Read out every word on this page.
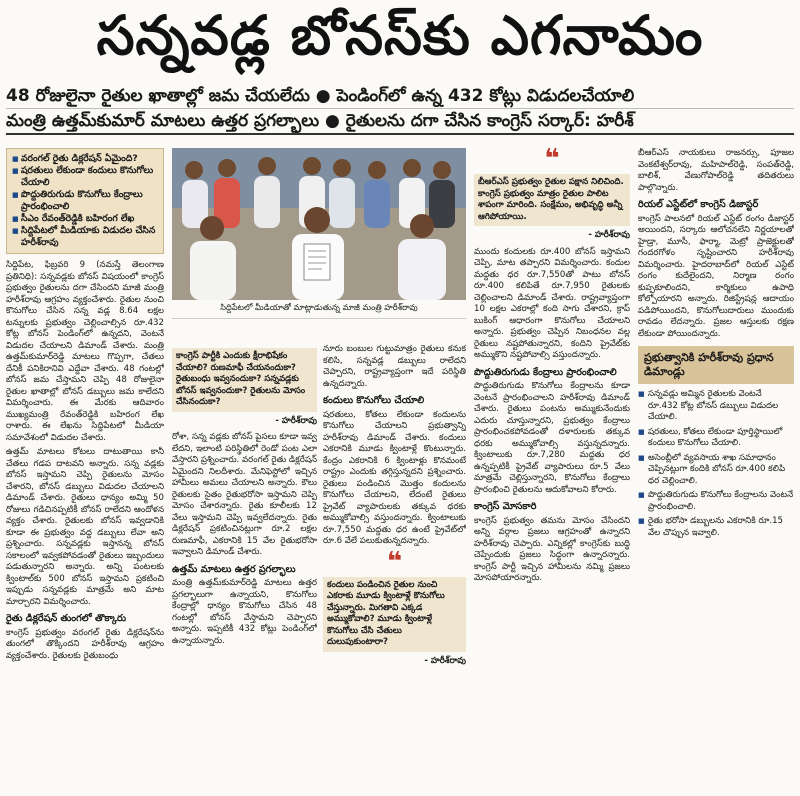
సన్నవడ్ల బోనస్‌కు ఎగనామం
48 రోజులైనా రైతుల ఖాతాల్లో జమ చేయలేదు ● పెండింగ్‌లో ఉన్న 432 కోట్లు విడుదలచేయాలి
మంత్రి ఉత్తమ్‌కుమార్ మాటలు ఉత్తర ప్రగల్భాలు ● రైతులను దగా చేసిన కాంగ్రెస్ సర్కార్: హరీశ్
■ వరంగల్ రైతు డిక్లరేషన్ ఏమైంది?
■ షరతులు లేకుండా కందులు కొనుగోలు చేయాలి
■ పొద్దుతిరుగుడు కొనుగోలు కేంద్రాలు ప్రారంభించాలి
■ సీఎం రేవంత్‌రెడ్డికి బహిరంగ లేఖ
■ సిద్దిపేటలో మీడియాకు విడుదల చేసిన హరీశ్‌రావు

సిద్దిపేట, ఫిబ్రవరి 9 (నమస్తే తెలంగాణ ప్రతినిధి): సన్నవడ్లకు బోనస్ విషయంలో కాంగ్రెస్ ప్రభుత్వం రైతులను దగా చేసిందని మాజీ మంత్రి హరీశ్‌రావు ఆగ్రహం వ్యక్తంచేశారు. రైతుల నుంచి కొనుగోలు చేసిన సన్న వడ్ల 8.64 లక్షల టన్నులకు ప్రభుత్వం చెల్లించాల్సిన రూ.432 కోట్ల బోనస్ పెండింగ్‌లో ఉన్నదని, వెంటనే విడుదల చేయాలని డిమాండ్ చేశారు. మంత్రి ఉత్తమ్‌కుమార్‌రెడ్డి మాటలు గొప్పగా, చేతలు దేనికీ పనికిరానివి ఎద్దేవా చేశారు. 48 గంటల్లో బోనస్ జమ చేస్తామని చెప్పి 48 రోజులైనా రైతుల ఖాతాల్లో బోనస్ డబ్బులు జమ కాలేదని విమర్శించారు. ఈ మేరకు ఆదివారం ముఖ్యమంత్రి రేవంత్‌రెడ్డికి బహిరంగ లేఖ రాశారు. ఈ లేఖను సిద్దిపేటలో మీడియా సమావేశంలో విడుదల చేశారు.

ఉత్తమ్ మాటలు కోటలు దాటుతాయి కానీ చేతలు గడప దాటవని అన్నారు. సన్న వడ్లకు బోనస్ ఇస్తామని చెప్పి రైతులను మోసం చేశారని, బోనస్ డబ్బులు విడుదల చేయాలని డిమాండ్ చేశారు. రైతులు ధాన్యం అమ్మి 50 రోజులు గడిచినప్పటికీ బోనస్ రాలేదని ఆందోళన వ్యక్తం చేశారు. రైతులకు బోనస్ ఇవ్వడానికి కూడా ఈ ప్రభుత్వం వద్ద డబ్బులు లేవా అని ప్రశ్నించారు. సన్నవడ్లకు ఇస్తానన్న బోనస్ సకాలంలో ఇవ్వకపోవడంతో రైతులు ఇబ్బందులు పడుతున్నారని అన్నారు. అన్ని పంటలకు క్వింటాల్‌కు 500 బోనస్ ఇస్తామని ప్రకటించి ఇప్పుడు సన్నవడ్లకు మాత్రమే అని మాట మార్చారని విమర్శించారు.

రైతు డిక్లరేషన్ తుంగలో తొక్కారు

కాంగ్రెస్ ప్రభుత్వం వరంగల్ రైతు డిక్లరేషన్‌ను తుంగలో తొక్కిందని హరీశ్‌రావు ఆగ్రహం వ్యక్తంచేశారు. రైతులకు రైతుబంధు

సిద్దిపేటలో మీడియాతో మాట్లాడుతున్న మాజీ మంత్రి హరీశ్‌రావు
కాంగ్రెస్ పార్టీకి ఎందుకు క్షీరాభిషేకం చేయాలి? రుణమాఫీ చేయనందుకా? రైతుబంధు ఇవ్వనందుకా? సన్నవడ్లకు బోనస్ ఇవ్వనందుకా? రైతులను మోసం చేసినందుకా?
- హరీశ్‌రావు

రోశా, సన్న వడ్లకు బోనస్ పైసలు కూడా ఇవ్వ లేదని, ఇలాంటి పరిస్థితిలో రెండో పంట ఎలా వేస్తారని ప్రశ్నించారు. వరంగల్ రైతు డిక్లరేషన్ ఏమైందని నిలదీశారు. మేనిఫెస్టోలో ఇచ్చిన హామీలు అమలు చేయాలని అన్నారు. కౌలు రైతులకు సైతం రైతుభరోసా ఇస్తామని చెప్పి మోసం చేశారన్నారు. రైతు కూలీలకు 12 వేలు ఇస్తామని చెప్పి ఇవ్వలేదన్నారు. రైతు డిక్లరేషన్ ప్రకటించినట్లుగా రూ.2 లక్షల రుణమాఫీ, ఎకరానికి 15 వేల రైతుభరోసా ఇవ్వాలని డిమాండ్ చేశారు.

ఉత్తమ్ మాటలు ఉత్తర ప్రగల్భాలు

మంత్రి ఉత్తమ్‌కుమార్‌రెడ్డి మాటలు ఉత్తర ప్రగల్భాలుగా ఉన్నాయని, కొనుగోలు కేంద్రాల్లో ధాన్యం కొనుగోలు చేసిన 48 గంటల్లో బోనస్ వేస్తామని చెప్పారని అన్నారు. ఇప్పటికీ 432 కోట్లు పెండింగ్‌లో ఉన్నాయన్నారు.

నూరు బంబుల గుట్టుమాత్రం రైతులు కనుక కలిసి, సన్నవడ్ల డబ్బులు రాలేదని చెప్పారని, రాష్ట్రవ్యాప్తంగా ఇదే పరిస్థితి ఉన్నదన్నారు.

కందులు కొనుగోలు చేయాలి

షరతులు, కోతలు లేకుండా కందులను కొనుగోలు చేయాలని ప్రభుత్వాన్ని హరీశ్‌రావు డిమాండ్ చేశారు. కందులు ఎకరానికి మూడు క్వింటాళ్లే కొంటున్నారు. కేంద్రం ఎకరానికి 6 క్వింటాళ్లు కొనమంటే రాష్ట్రం ఎందుకు తగ్గిస్తున్నదని ప్రశ్నించారు. రైతులు పండించిన మొత్తం కందులను కొనుగోలు చేయాలని, లేదంటే రైతులు ప్రైవేట్ వ్యాపారులకు తక్కువ ధరకు అమ్ముకోవాల్సి వస్తుందన్నారు. క్వింటాలుకు రూ.7,550 మద్దతు ధర ఉంటే ప్రైవేట్‌లో రూ.6 వేలే పలుకుతున్నదన్నారు.

❝
కందులు పండించిన రైతుల నుంచి ఎకరాకు మూడు క్వింటాళ్లే కొనుగోలు చేస్తున్నారు. మిగతావి ఎక్కడ అమ్ముకోవాలి? మూడు క్వింటాళ్లే కొనుగోలు చేసి చేతులు దులుపుకుంటారా?
- హరీశ్‌రావు
❝
బీఆర్ఎస్ ప్రభుత్వం రైతుల పక్షాన నిలిచింది. కాంగ్రెస్ ప్రభుత్వం మాత్రం రైతుల పాలిట శాపంగా మారింది. సంక్షేమం, అభివృద్ధి అన్నీ ఆగిపోయాయి.
- హరీశ్‌రావు

ముందు కందులకు రూ.400 బోనస్ ఇస్తామని చెప్పి, మాట తప్పారని విమర్శించారు. కందుల మద్దతు ధర రూ.7,550తో పాటు బోనస్ రూ.400 కలిపితే రూ.7,950 రైతులకు చెల్లించాలని డిమాండ్ చేశారు. రాష్ట్రవ్యాప్తంగా 10 లక్షల ఎకరాల్లో కంది సాగు చేశారని, క్రాప్ బుకింగ్ ఆధారంగా కొనుగోలు చేయాలని అన్నారు. ప్రభుత్వం చెప్పిన నిబంధనల వల్ల రైతులు నష్టపోతున్నారని, కందిని ప్రైవేట్‌కు అమ్ముకొని నష్టపోవాల్సి వస్తుందన్నారు.

పొద్దుతిరుగుడు కేంద్రాలు ప్రారంభించాలి

పొద్దుతిరుగుడు కొనుగోలు కేంద్రాలను కూడా వెంటనే ప్రారంభించాలని హరీశ్‌రావు డిమాండ్ చేశారు. రైతులు పంటను అమ్ముకునేందుకు ఎదురు చూస్తున్నారని, ప్రభుత్వం కేంద్రాలు ప్రారంభించకపోవడంతో దళారులకు తక్కువ ధరకు అమ్ముకోవాల్సి వస్తున్నదన్నారు. క్వింటాలుకు రూ.7,280 మద్దతు ధర ఉన్నప్పటికీ ప్రైవేట్ వ్యాపారులు రూ.5 వేలు మాత్రమే చెల్లిస్తున్నారని, కొనుగోలు కేంద్రాలు ప్రారంభించి రైతులను ఆదుకోవాలని కోరారు.

కాంగ్రెస్ మోసకారి

కాంగ్రెస్ ప్రభుత్వం తమను మోసం చేసిందని అన్ని వర్గాల ప్రజలు ఆగ్రహంతో ఉన్నారని హరీశ్‌రావు చెప్పారు. ఎన్నికల్లో కాంగ్రెస్‌కు బుద్ధి చెప్పేందుకు ప్రజలు సిద్ధంగా ఉన్నారన్నారు. కాంగ్రెస్ పార్టీ ఇచ్చిన హామీలను నమ్మి ప్రజలు మోసపోయారన్నారు.

బీఆర్ఎస్ నాయకులు రాజనర్సు, పూజల వెంకటేశ్వర్‌రావు, మహిపాల్‌రెడ్డి, సంపత్‌రెడ్డి, బాలిశ్, వేణుగోపాల్‌రెడ్డి తదితరులు పాల్గొన్నారు.

రియల్ ఎస్టేట్‌లో కాంగ్రెస్ డిజాస్టర్

కాంగ్రెస్ పాలనలో రియల్ ఎస్టేట్ రంగం డిజాస్టర్ అయిందని, సర్కారు ఆలోచనలేని నిర్ణయాలతో హైడ్రా, మూసీ, ఫార్మా, మెట్రో ప్రాజెక్టులతో గందరగోళం సృష్టించారని హరీశ్‌రావు విమర్శించారు. హైదరాబాద్‌లో రియల్ ఎస్టేట్ రంగం కుదేలైందని, నిర్మాణ రంగం కుప్పకూలిందని, కార్మికులు ఉపాధి కోల్పోయారని అన్నారు. రిజిస్ట్రేషన్ల ఆదాయం పడిపోయిందని, కొనుగోలుదారులు ముందుకు రావడం లేదన్నారు. ప్రజల ఆస్తులకు రక్షణ లేకుండా పోయిందన్నారు.

ప్రభుత్వానికి హరీశ్‌రావు ప్రధాన డిమాండ్లు
■ సన్నవడ్లు అమ్మిన రైతులకు వెంటనే రూ.432 కోట్ల బోనస్ డబ్బులు విడుదల చేయాలి.
■ షరతులు, కోతలు లేకుండా పూర్తిస్థాయిలో కందులు కొనుగోలు చేయాలి.
■ అసెంబ్లీలో వ్యవసాయ శాఖ సమాధానం చెప్పినట్లుగా కందికి బోనస్ రూ.400 కలిపి ధర చెల్లించాలి.
■ పొద్దుతిరుగుడు కొనుగోలు కేంద్రాలను వెంటనే ప్రారంభించాలి.
■ రైతు భరోసా డబ్బులను ఎకరానికి రూ.15 వేల చొప్పున ఇవ్వాలి.
